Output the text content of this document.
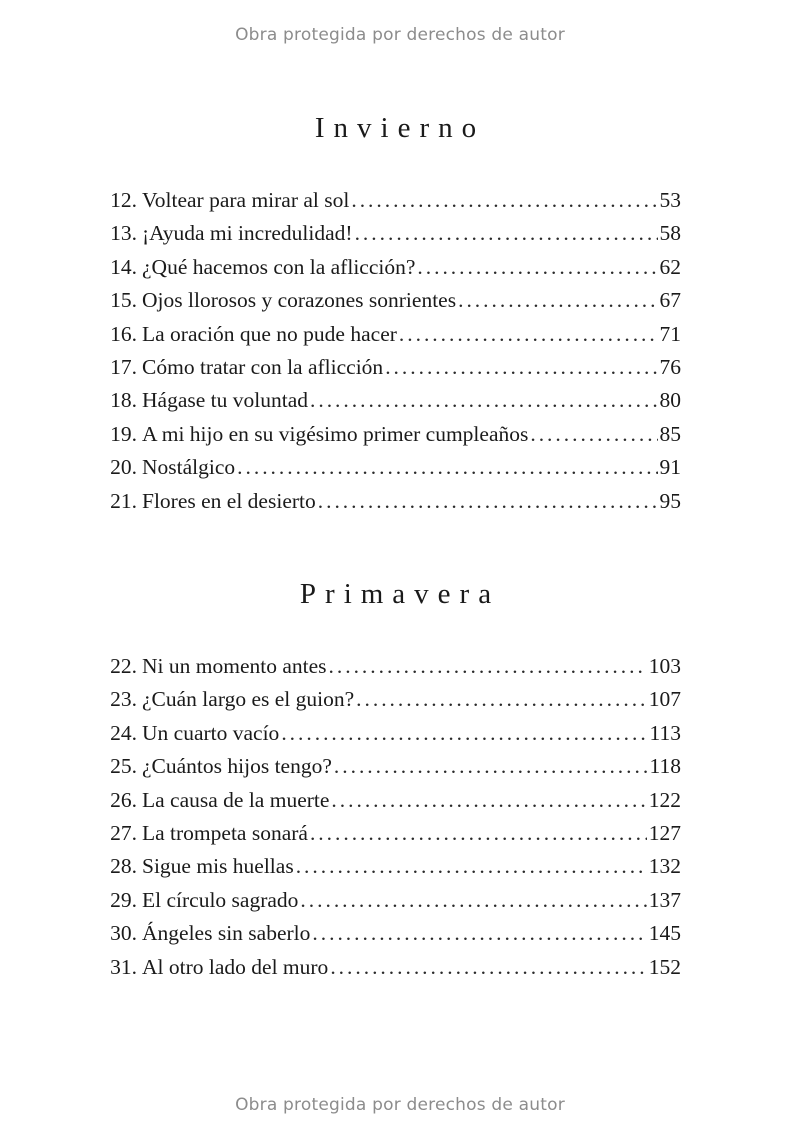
Obra protegida por derechos de autor
Invierno
12. Voltear para mirar al sol . . .	53
13. ¡Ayuda mi incredulidad! . . .	58
14. ¿Qué hacemos con la aflicción? . . .	62
15. Ojos llorosos y corazones sonrientes . . .	67
16. La oración que no pude hacer . . .	71
17. Cómo tratar con la aflicción . . .	76
18. Hágase tu voluntad . . .	80
19. A mi hijo en su vigésimo primer cumpleaños . . .	85
20. Nostálgico . . .	91
21. Flores en el desierto . . .	95
Primavera
22. Ni un momento antes . . .	103
23. ¿Cuán largo es el guion? . . .	107
24. Un cuarto vacío . . .	113
25. ¿Cuántos hijos tengo? . . .	118
26. La causa de la muerte . . .	122
27. La trompeta sonará . . .	127
28. Sigue mis huellas . . .	132
29. El círculo sagrado . . .	137
30. Ángeles sin saberlo . . .	145
31. Al otro lado del muro . . .	152
Obra protegida por derechos de autor
